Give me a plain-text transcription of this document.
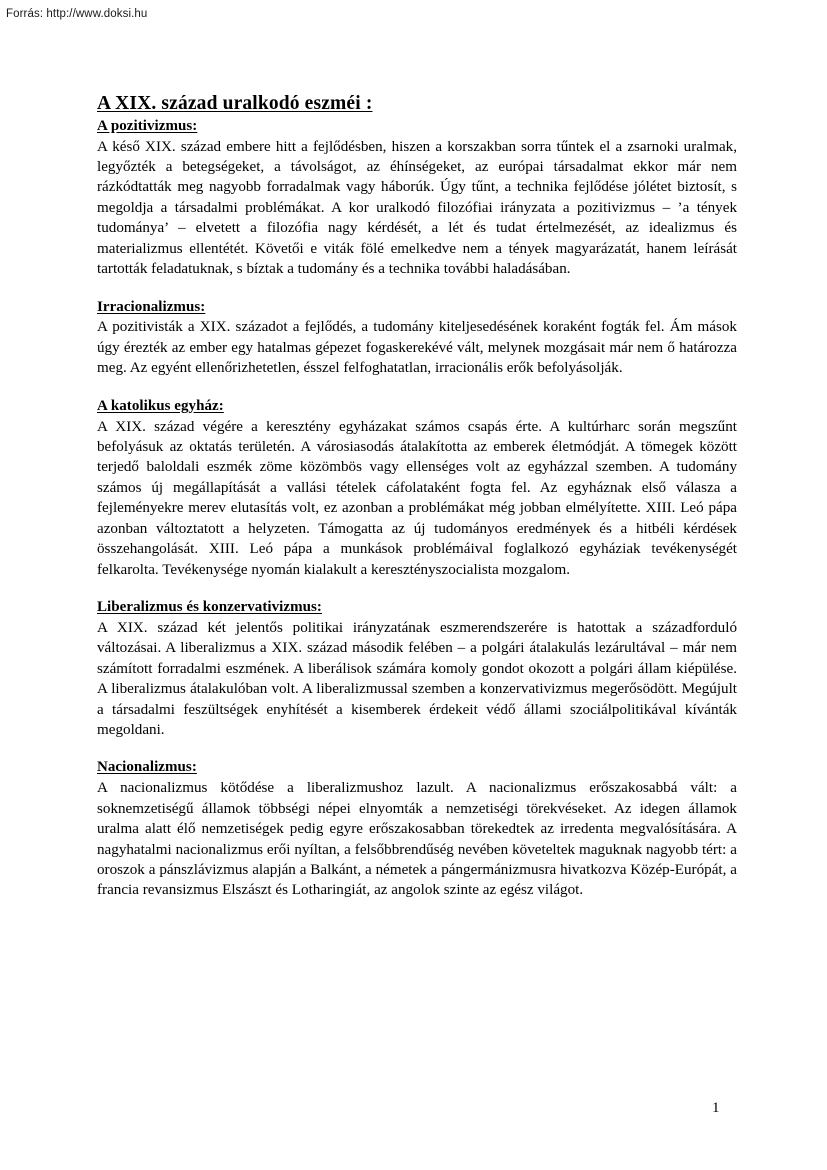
Forrás: http://www.doksi.hu
A XIX. század uralkodó eszméi :
A pozitivizmus:

A késő XIX. század embere hitt a fejlődésben, hiszen a korszakban sorra tűntek el a zsarnoki uralmak, legyőzték a betegségeket, a távolságot, az éhínségeket, az európai társadalmat ekkor már nem rázkódtatták meg nagyobb forradalmak vagy háborúk. Úgy tűnt, a technika fejlődése jólétet biztosít, s megoldja a társadalmi problémákat. A kor uralkodó filozófiai irányzata a pozitivizmus – ’a tények tudománya’ – elvetett a filozófia nagy kérdését, a lét és tudat értelmezését, az idealizmus és materializmus ellentétét. Követői e viták fölé emelkedve nem a tények magyarázatát, hanem leírását tartották feladatuknak, s bíztak a tudomány és a technika további haladásában.

Irracionalizmus:

A pozitivisták a XIX. századot a fejlődés, a tudomány kiteljesedésének koraként fogták fel. Ám mások úgy érezték az ember egy hatalmas gépezet fogaskerekévé vált, melynek mozgásait már nem ő határozza meg. Az egyént ellenőrizhetetlen, ésszel felfoghatatlan, irracionális erők befolyásolják.

A katolikus egyház:

A XIX. század végére a keresztény egyházakat számos csapás érte. A kultúrharc során megszűnt befolyásuk az oktatás területén. A városiasodás átalakította az emberek életmódját. A tömegek között terjedő baloldali eszmék zöme közömbös vagy ellenséges volt az egyházzal szemben. A tudomány számos új megállapítását a vallási tételek cáfolataként fogta fel. Az egyháznak első válasza a fejleményekre merev elutasítás volt, ez azonban a problémákat még jobban elmélyítette. XIII. Leó pápa azonban változtatott a helyzeten. Támogatta az új tudományos eredmények és a hitbéli kérdések összehangolását. XIII. Leó pápa a munkások problémáival foglalkozó egyháziak tevékenységét felkarolta. Tevékenysége nyomán kialakult a keresztényszocialista mozgalom.

Liberalizmus és konzervativizmus:

A XIX. század két jelentős politikai irányzatának eszmerendszerére is hatottak a századforduló változásai. A liberalizmus a XIX. század második felében – a polgári átalakulás lezárultával – már nem számított forradalmi eszmének. A liberálisok számára komoly gondot okozott a polgári állam kiépülése. A liberalizmus átalakulóban volt. A liberalizmussal szemben a konzervativizmus megerősödött. Megújult a társadalmi feszültségek enyhítését a kisemberek érdekeit védő állami szociálpolitikával kívánták megoldani.

Nacionalizmus:

A nacionalizmus kötődése a liberalizmushoz lazult. A nacionalizmus erőszakosabbá vált: a soknemzetiségű államok többségi népei elnyomták a nemzetiségi törekvéseket. Az idegen államok uralma alatt élő nemzetiségek pedig egyre erőszakosabban törekedtek az irredenta megvalósítására. A nagyhatalmi nacionalizmus erői nyíltan, a felsőbbrendűség nevében követeltek maguknak nagyobb tért: a oroszok a pánszlávizmus alapján a Balkánt, a németek a pángermánizmusra hivatkozva Közép-Európát, a francia revansizmus Elszászt és Lotharingiát, az angolok szinte az egész világot.

1
